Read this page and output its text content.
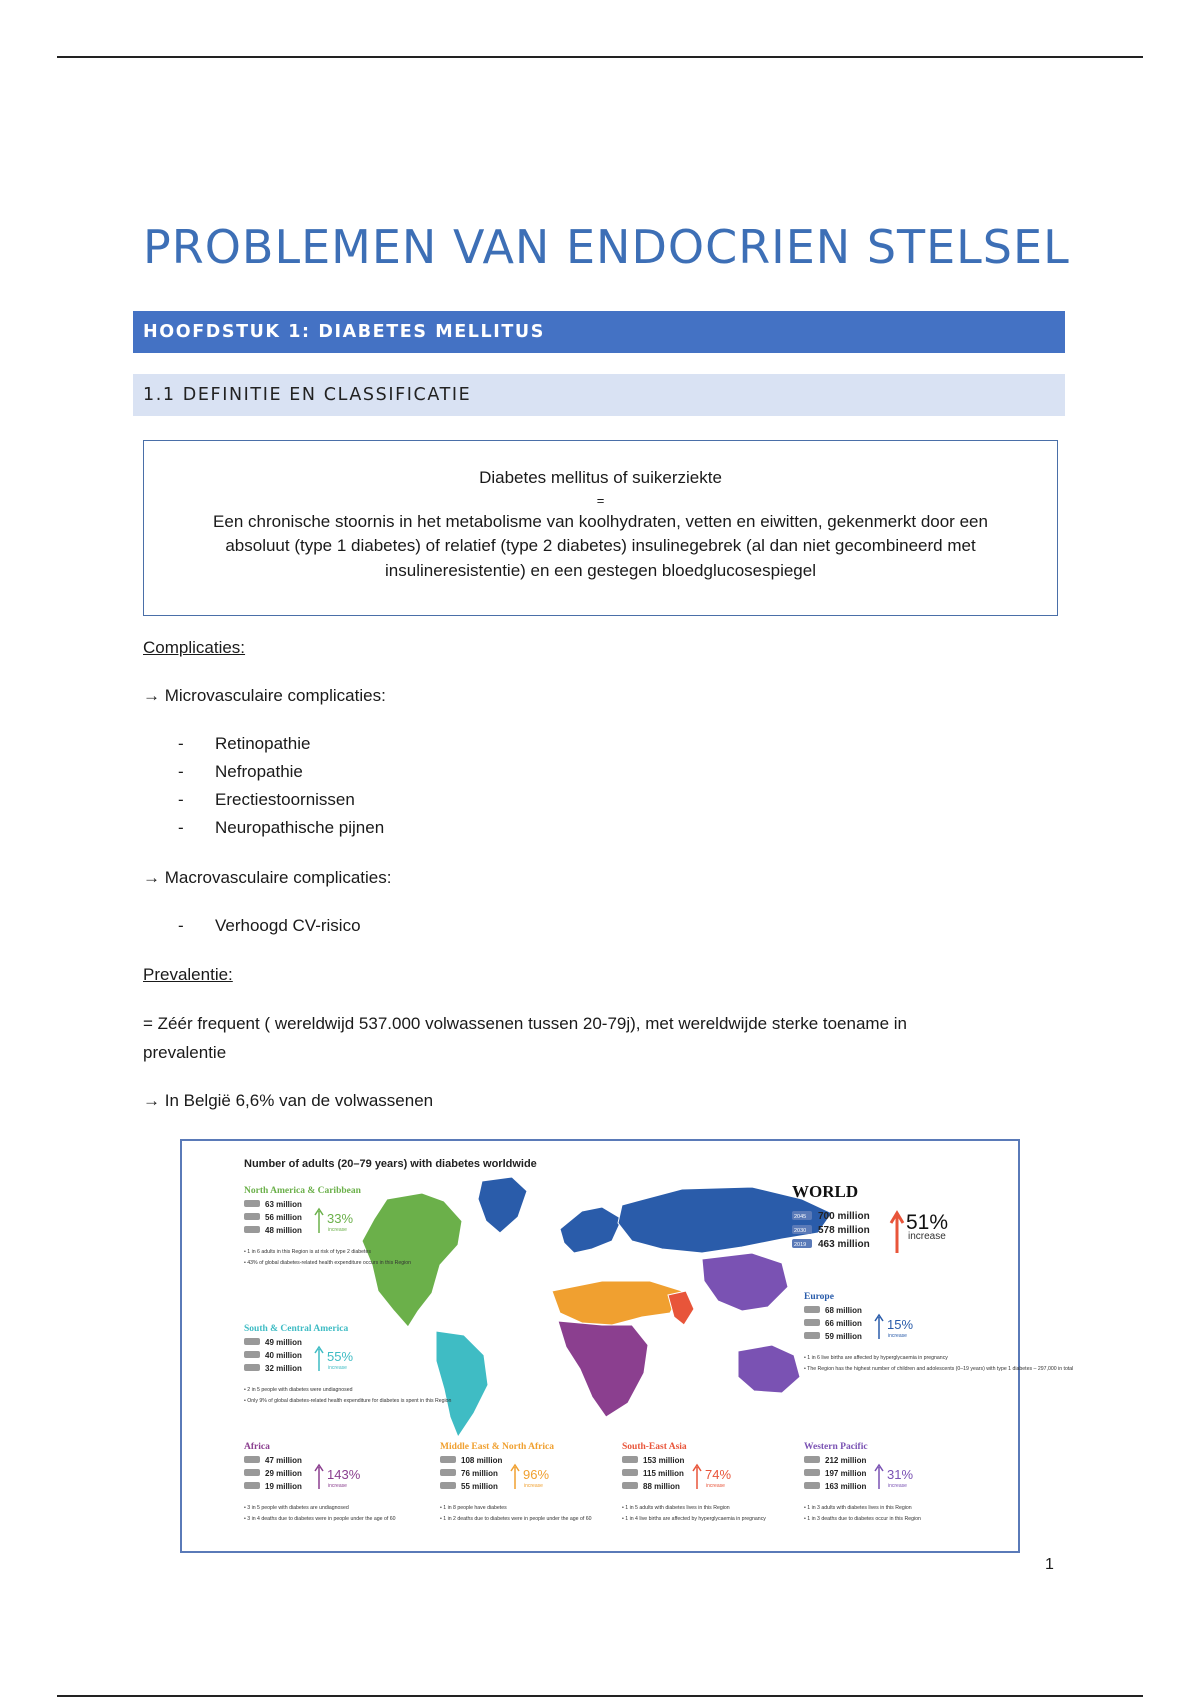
PROBLEMEN VAN ENDOCRIEN STELSEL
HOOFDSTUK 1: DIABETES MELLITUS
1.1 DEFINITIE EN CLASSIFICATIE
Diabetes mellitus of suikerziekte
=
Een chronische stoornis in het metabolisme van koolhydraten, vetten en eiwitten, gekenmerkt door een
absoluut (type 1 diabetes) of relatief (type 2 diabetes) insulinegebrek (al dan niet gecombineerd met
insulineresistentie) en een gestegen bloedglucosespiegel
Complicaties:
→ Microvasculaire complicaties:
- Retinopathie
- Nefropathie
- Erectiestoornissen
- Neuropathische pijnen
→ Macrovasculaire complicaties:
- Verhoogd CV-risico
Prevalentie:
= Zéér frequent ( wereldwijd 537.000 volwassenen tussen 20-79j), met wereldwijde sterke toename in
prevalentie
→ In België 6,6% van de volwassenen
Number of adults (20–79 years) with diabetes worldwide
North America & Caribbean
63 million
56 million
48 million
33%
increase
• 1 in 6 adults in this Region is at risk of type 2 diabetes
• 43% of global diabetes-related health expenditure occurs in this Region
South & Central America
49 million
40 million
32 million
55%
increase
• 2 in 5 people with diabetes were undiagnosed
• Only 9% of global diabetes-related health expenditure for diabetes is spent in this Region
Europe
68 million
66 million
59 million
15%
increase
• 1 in 6 live births are affected by hyperglycaemia in pregnancy
• The Region has the highest number of children and adolescents (0–19 years) with type 1 diabetes – 297,000 in total
Africa
47 million
29 million
19 million
143%
increase
• 3 in 5 people with diabetes are undiagnosed
• 3 in 4 deaths due to diabetes were in people under the age of 60
Middle East & North Africa
108 million
76 million
55 million
96%
increase
• 1 in 8 people have diabetes
• 1 in 2 deaths due to diabetes were in people under the age of 60
South-East Asia
153 million
115 million
88 million
74%
increase
• 1 in 5 adults with diabetes lives in this Region
• 1 in 4 live births are affected by hyperglycaemia in pregnancy
Western Pacific
212 million
197 million
163 million
31%
increase
• 1 in 3 adults with diabetes lives in this Region
• 1 in 3 deaths due to diabetes occur in this Region
WORLD
2045 700 million
2030 578 million
2019 463 million
51%
increase
1
